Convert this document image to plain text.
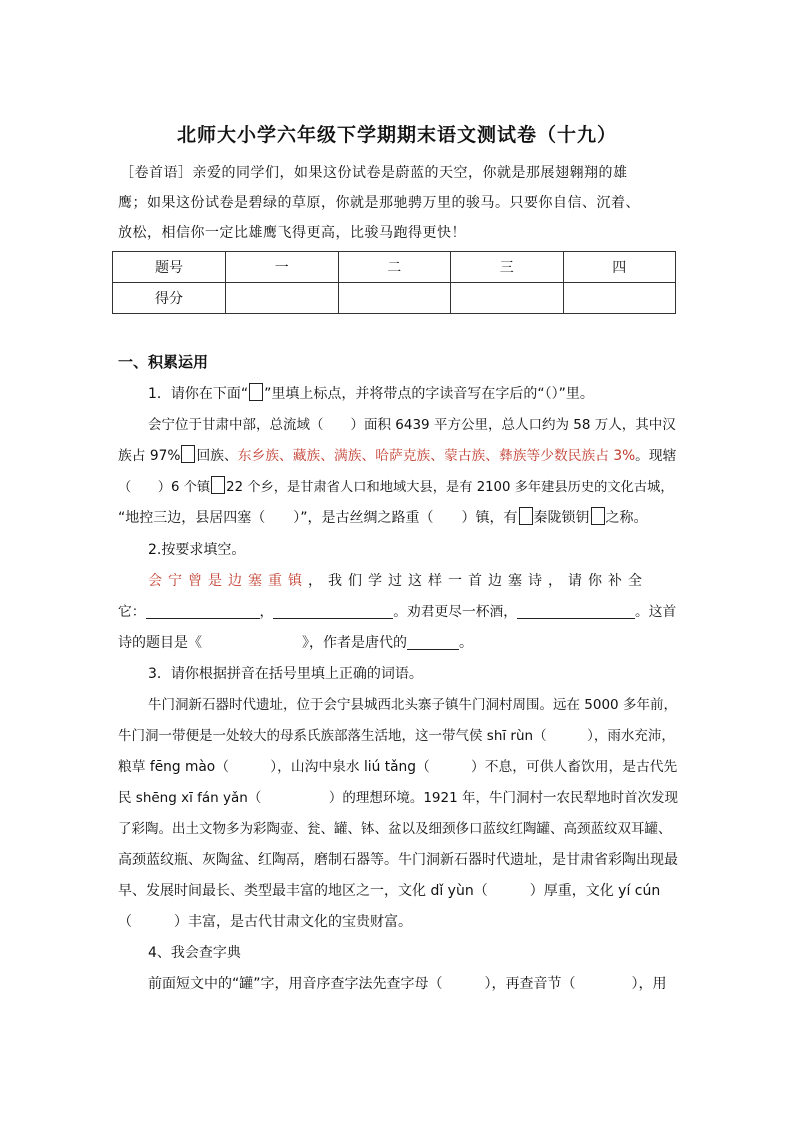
北师大小学六年级下学期期末语文测试卷（十九）
［卷首语］亲爱的同学们，如果这份试卷是蔚蓝的天空，你就是那展翅翱翔的雄
鹰；如果这份试卷是碧绿的草原，你就是那驰骋万里的骏马。只要你自信、沉着、
放松，相信你一定比雄鹰飞得更高，比骏马跑得更快！
题号	一	二	三	四
得分				
一、积累运用
1．请你在下面“ ”里填上标点，并将带点的字读音写在字后的“（）”里。
会宁位于甘肃中部，总流域（　　）面积 6439 平方公里，总人口约为 58 万人，其中汉
族占 97% 回族、东乡族、藏族、满族、哈萨克族、蒙古族、彝族等少数民族占 3%。现辖
（　　）6 个镇 22 个乡，是甘肃省人口和地域大县，是有 2100 多年建县历史的文化古城，
“地控三边，县居四塞（　　）”，是古丝绸之路重（　　）镇，有 秦陇锁钥 之称。
2.按要求填空。
会宁曾是边塞重镇，我们学过这样一首边塞诗，请你补全
它：	，	。劝君更尽一杯酒，	。这首
诗的题目是《	》，作者是唐代的	。
3．请你根据拼音在括号里填上正确的词语。
牛门洞新石器时代遗址，位于会宁县城西北头寨子镇牛门洞村周围。远在 5000 多年前，
牛门洞一带便是一处较大的母系氏族部落生活地，这一带气侯 shī rùn（　　　），雨水充沛，
粮草 fēng mào（　　　），山沟中泉水 liú tǎng（　　　）不息，可供人畜饮用，是古代先
民 shēng xī fán yǎn（　　　　　）的理想环境。1921 年，牛门洞村一农民犁地时首次发现
了彩陶。出土文物多为彩陶壶、瓮、罐、钵、盆以及细颈侈口蓝纹红陶罐、高颈蓝纹双耳罐、
高颈蓝纹瓶、灰陶盆、红陶鬲，磨制石器等。牛门洞新石器时代遗址，是甘肃省彩陶出现最
早、发展时间最长、类型最丰富的地区之一，文化 dǐ yùn（　　　）厚重，文化 yí cún
（　　　）丰富，是古代甘肃文化的宝贵财富。
4、我会查字典
前面短文中的“罐”字，用音序查字法先查字母（　　　），再查音节（　　　　），用
